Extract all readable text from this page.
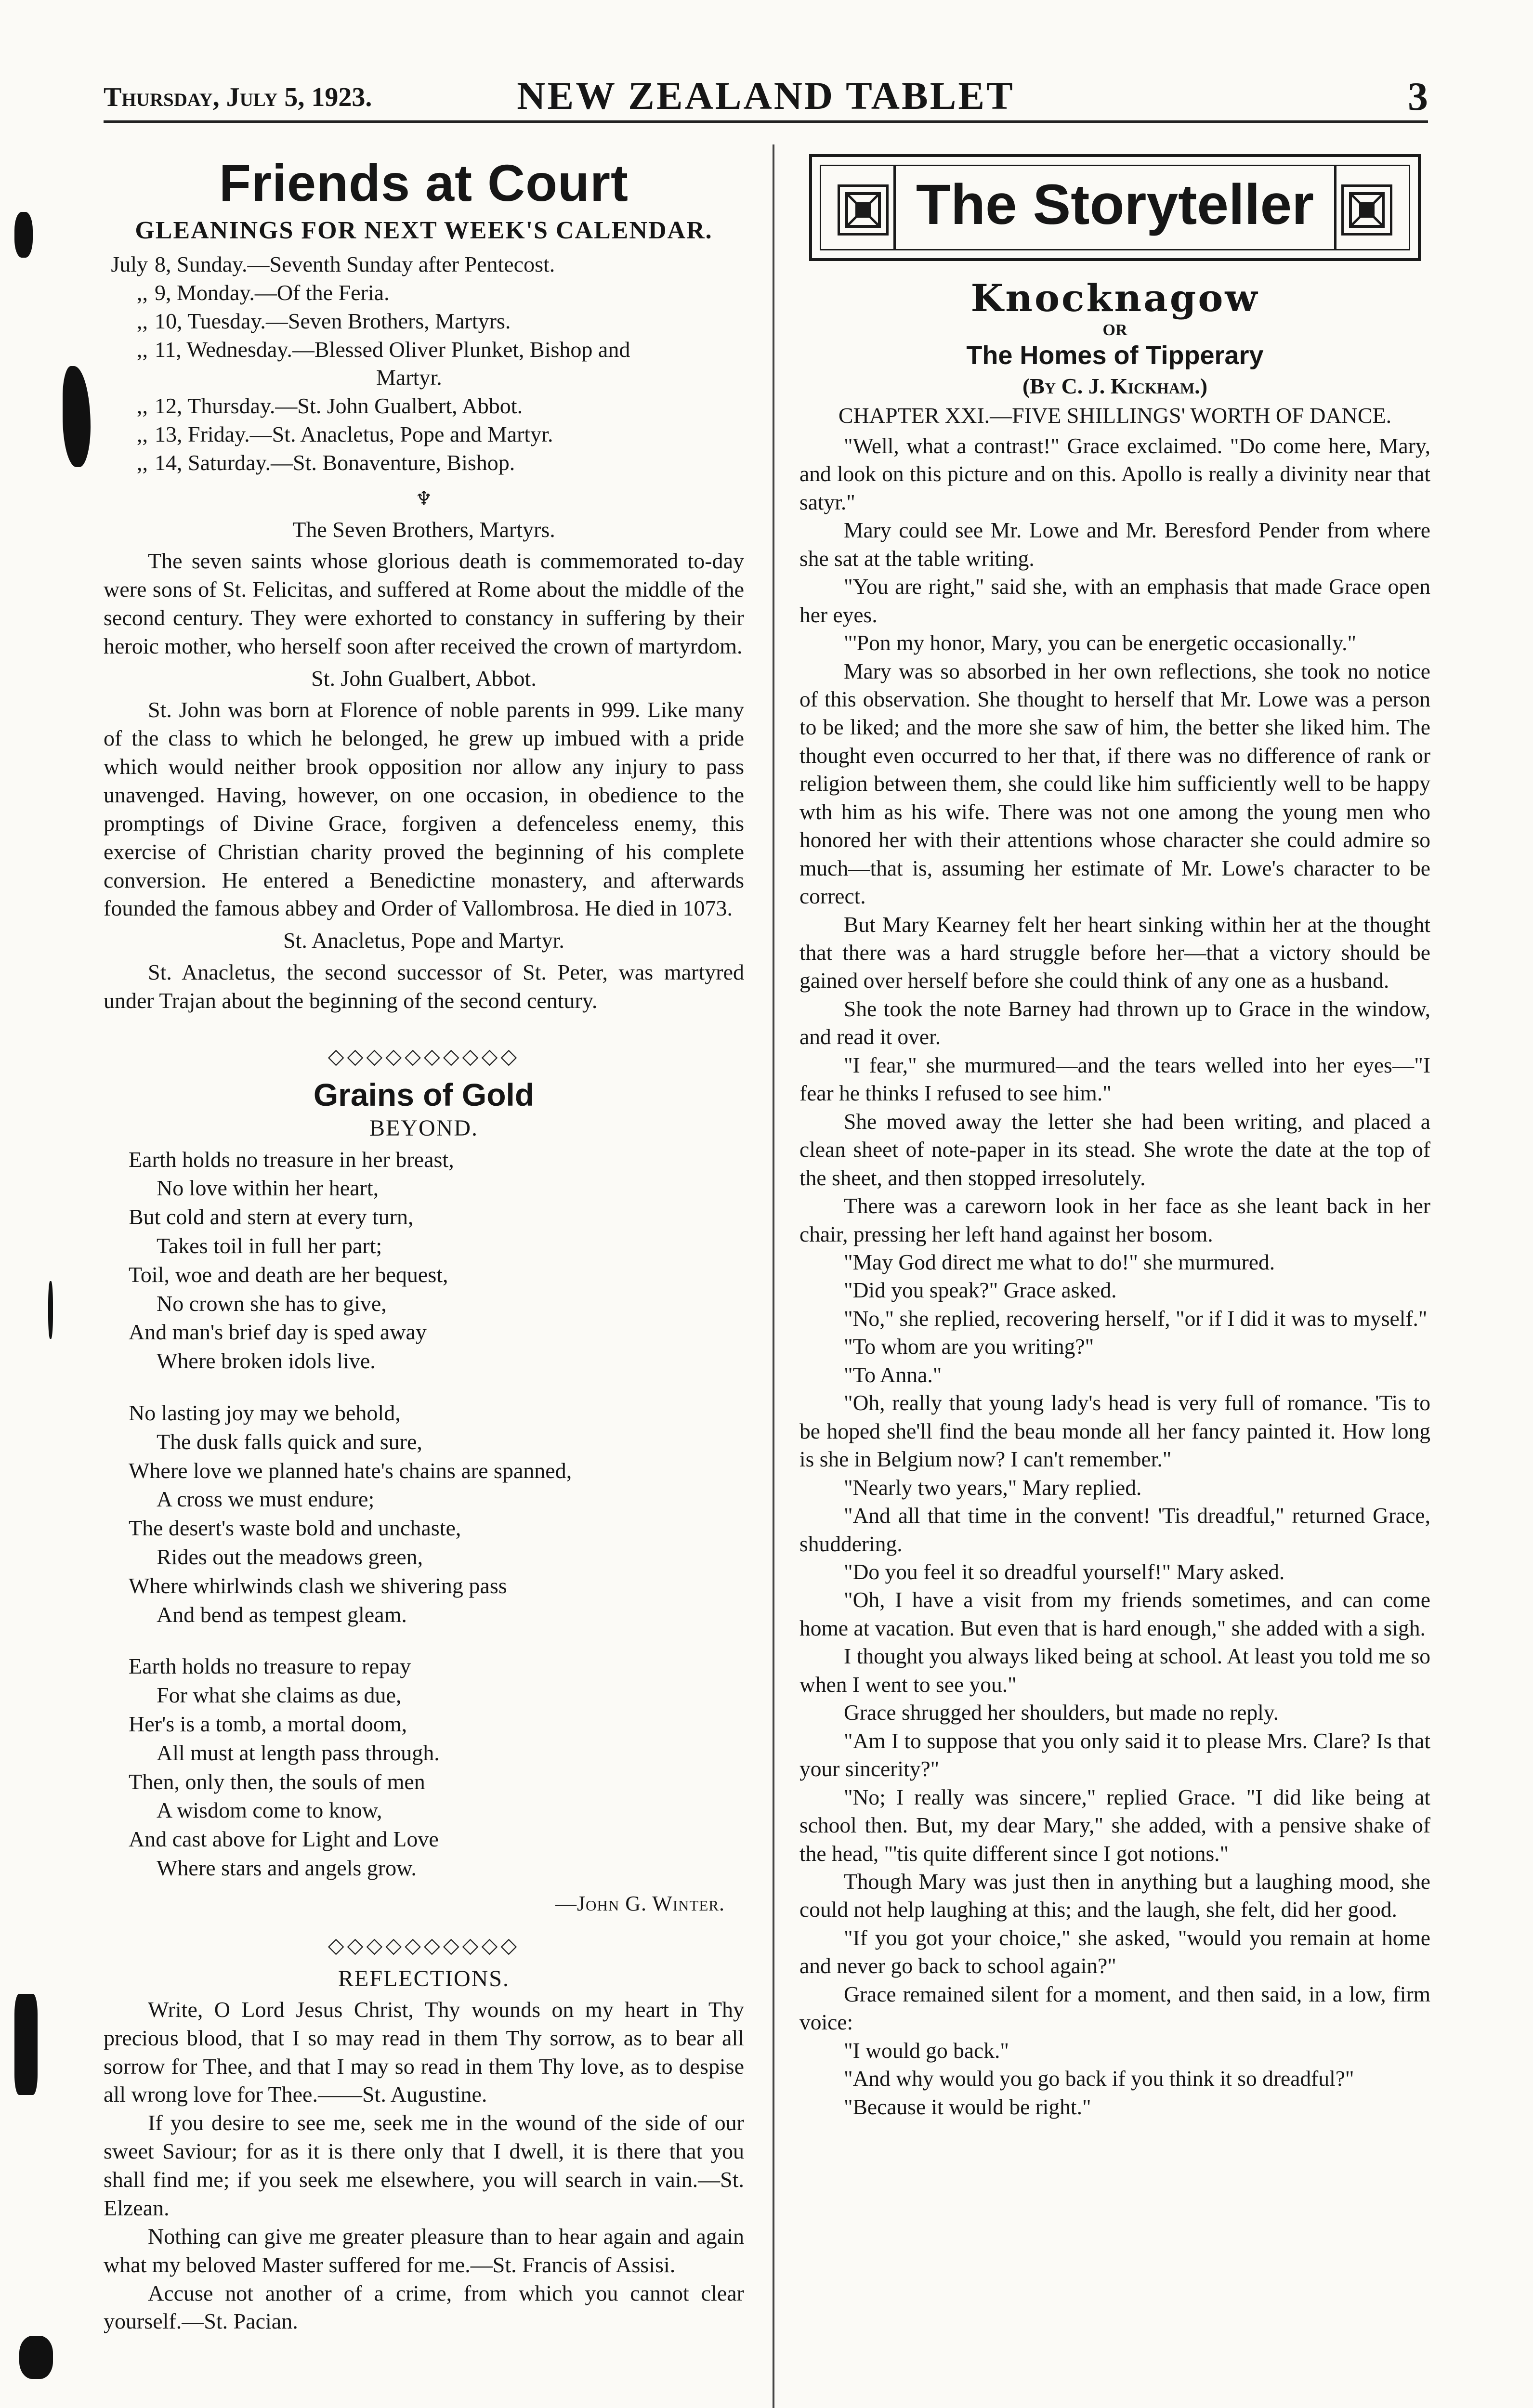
Thursday, July 5, 1923.	NEW ZEALAND TABLET	3
Friends at Court
GLEANINGS FOR NEXT WEEK'S CALENDAR.
July 8, Sunday.—Seventh Sunday after Pentecost.
,, 9, Monday.—Of the Feria.
,, 10, Tuesday.—Seven Brothers, Martyrs.
,, 11, Wednesday.—Blessed Oliver Plunket, Bishop and
Martyr.
,, 12, Thursday.—St. John Gualbert, Abbot.
,, 13, Friday.—St. Anacletus, Pope and Martyr.
,, 14, Saturday.—St. Bonaventure, Bishop.
♆
The Seven Brothers, Martyrs.

The seven saints whose glorious death is commemorated to-day were sons of St. Felicitas, and suffered at Rome about the middle of the second century. They were exhorted to constancy in suffering by their heroic mother, who herself soon after received the crown of martyrdom.

St. John Gualbert, Abbot.

St. John was born at Florence of noble parents in 999. Like many of the class to which he belonged, he grew up imbued with a pride which would neither brook opposition nor allow any injury to pass unavenged. Having, however, on one occasion, in obedience to the promptings of Divine Grace, forgiven a defenceless enemy, this exercise of Christian charity proved the beginning of his complete conversion. He entered a Benedictine monastery, and afterwards founded the famous abbey and Order of Vallombrosa. He died in 1073.

St. Anacletus, Pope and Martyr.

St. Anacletus, the second successor of St. Peter, was martyred under Trajan about the beginning of the second century.

◇◇◇◇◇◇◇◇◇◇
Grains of Gold
BEYOND.
Earth holds no treasure in her breast,
No love within her heart,
But cold and stern at every turn,
Takes toil in full her part;
Toil, woe and death are her bequest,
No crown she has to give,
And man's brief day is sped away
Where broken idols live.
No lasting joy may we behold,
The dusk falls quick and sure,
Where love we planned hate's chains are spanned,
A cross we must endure;
The desert's waste bold and unchaste,
Rides out the meadows green,
Where whirlwinds clash we shivering pass
And bend as tempest gleam.
Earth holds no treasure to repay
For what she claims as due,
Her's is a tomb, a mortal doom,
All must at length pass through.
Then, only then, the souls of men
A wisdom come to know,
And cast above for Light and Love
Where stars and angels grow.
—John G. Winter.
◇◇◇◇◇◇◇◇◇◇
REFLECTIONS.

Write, O Lord Jesus Christ, Thy wounds on my heart in Thy precious blood, that I so may read in them Thy sorrow, as to bear all sorrow for Thee, and that I may so read in them Thy love, as to despise all wrong love for Thee.——St. Augustine.

If you desire to see me, seek me in the wound of the side of our sweet Saviour; for as it is there only that I dwell, it is there that you shall find me; if you seek me elsewhere, you will search in vain.—St. Elzean.

Nothing can give me greater pleasure than to hear again and again what my beloved Master suffered for me.—St. Francis of Assisi.

Accuse not another of a crime, from which you cannot clear yourself.—St. Pacian.

The Storyteller
Knocknagow
OR
The Homes of Tipperary
(By C. J. Kickham.)
CHAPTER XXI.—FIVE SHILLINGS' WORTH OF DANCE.

"Well, what a contrast!" Grace exclaimed. "Do come here, Mary, and look on this picture and on this. Apollo is really a divinity near that satyr."

Mary could see Mr. Lowe and Mr. Beresford Pender from where she sat at the table writing.

"You are right," said she, with an emphasis that made Grace open her eyes.

"'Pon my honor, Mary, you can be energetic occasionally."

Mary was so absorbed in her own reflections, she took no notice of this observation. She thought to herself that Mr. Lowe was a person to be liked; and the more she saw of him, the better she liked him. The thought even occurred to her that, if there was no difference of rank or religion between them, she could like him sufficiently well to be happy wth him as his wife. There was not one among the young men who honored her with their attentions whose character she could admire so much—that is, assuming her estimate of Mr. Lowe's character to be correct.

But Mary Kearney felt her heart sinking within her at the thought that there was a hard struggle before her—that a victory should be gained over herself before she could think of any one as a husband.

She took the note Barney had thrown up to Grace in the window, and read it over.

"I fear," she murmured—and the tears welled into her eyes—"I fear he thinks I refused to see him."

She moved away the letter she had been writing, and placed a clean sheet of note-paper in its stead. She wrote the date at the top of the sheet, and then stopped irresolutely.

There was a careworn look in her face as she leant back in her chair, pressing her left hand against her bosom.

"May God direct me what to do!" she murmured.

"Did you speak?" Grace asked.

"No," she replied, recovering herself, "or if I did it was to myself."

"To whom are you writing?"

"To Anna."

"Oh, really that young lady's head is very full of romance. 'Tis to be hoped she'll find the beau monde all her fancy painted it. How long is she in Belgium now? I can't remember."

"Nearly two years," Mary replied.

"And all that time in the convent! 'Tis dreadful," returned Grace, shuddering.

"Do you feel it so dreadful yourself!" Mary asked.

"Oh, I have a visit from my friends sometimes, and can come home at vacation. But even that is hard enough," she added with a sigh.

I thought you always liked being at school. At least you told me so when I went to see you."

Grace shrugged her shoulders, but made no reply.

"Am I to suppose that you only said it to please Mrs. Clare? Is that your sincerity?"

"No; I really was sincere," replied Grace. "I did like being at school then. But, my dear Mary," she added, with a pensive shake of the head, "'tis quite different since I got notions."

Though Mary was just then in anything but a laughing mood, she could not help laughing at this; and the laugh, she felt, did her good.

"If you got your choice," she asked, "would you remain at home and never go back to school again?"

Grace remained silent for a moment, and then said, in a low, firm voice:

"I would go back."

"And why would you go back if you think it so dreadful?"

"Because it would be right."
